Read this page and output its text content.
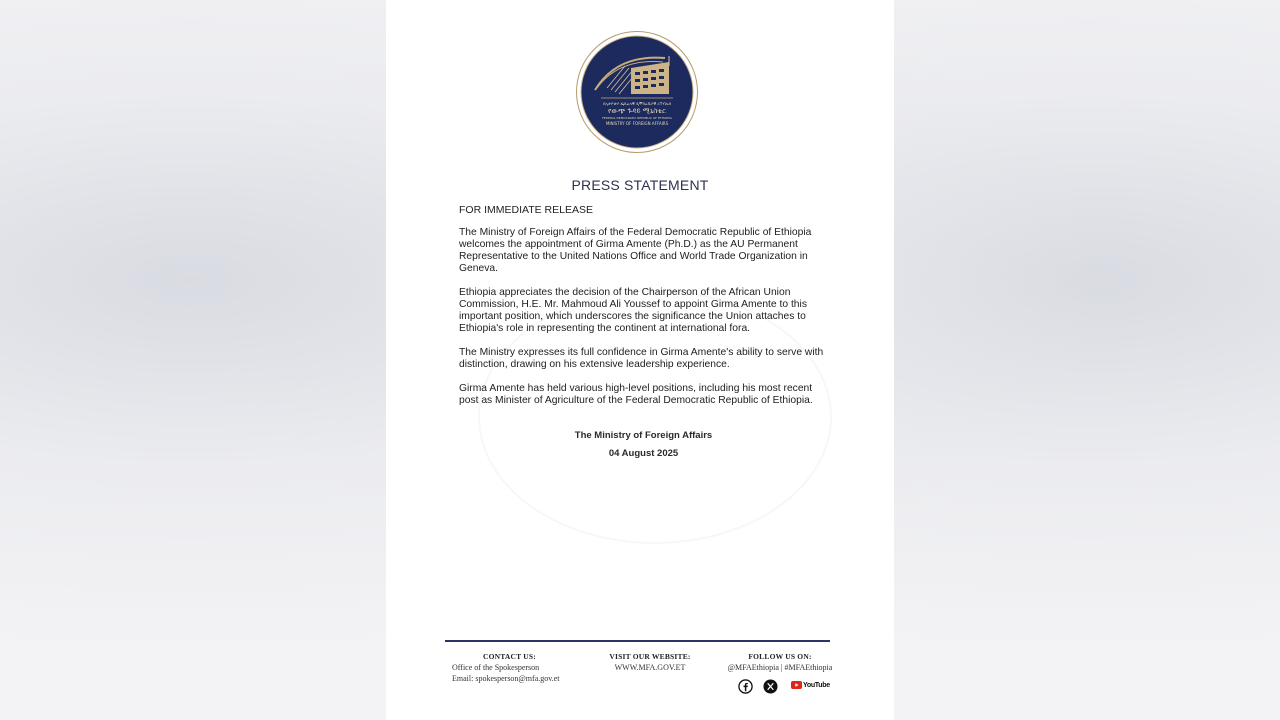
በኢትዮጵያ ፌዴራላዊ ዲሞክራሲያዊ ሪፐብሊክ
የውጭ ጉዳይ ሚኒስቴር
FEDERAL DEMOCRATIC REPUBLIC OF ETHIOPIA
MINISTRY OF FOREIGN AFFAIRS
PRESS STATEMENT
FOR IMMEDIATE RELEASE

The Ministry of Foreign Affairs of the Federal Democratic Republic of Ethiopia welcomes the appointment of Girma Amente (Ph.D.) as the AU Permanent Representative to the United Nations Office and World Trade Organization in Geneva.

Ethiopia appreciates the decision of the Chairperson of the African Union Commission, H.E. Mr. Mahmoud Ali Youssef to appoint Girma Amente to this important position, which underscores the significance the Union attaches to Ethiopia's role in representing the continent at international fora.

The Ministry expresses its full confidence in Girma Amente's ability to serve with distinction, drawing on his extensive leadership experience.

Girma Amente has held various high-level positions, including his most recent post as Minister of Agriculture of the Federal Democratic Republic of Ethiopia.

The Ministry of Foreign Affairs
04 August 2025
CONTACT US:
Office of the Spokesperson
Email: spokesperson@mfa.gov.et
VISIT OUR WEBSITE:
WWW.MFA.GOV.ET
FOLLOW US ON:
@MFAEthiopia | #MFAEthiopia
YouTube
